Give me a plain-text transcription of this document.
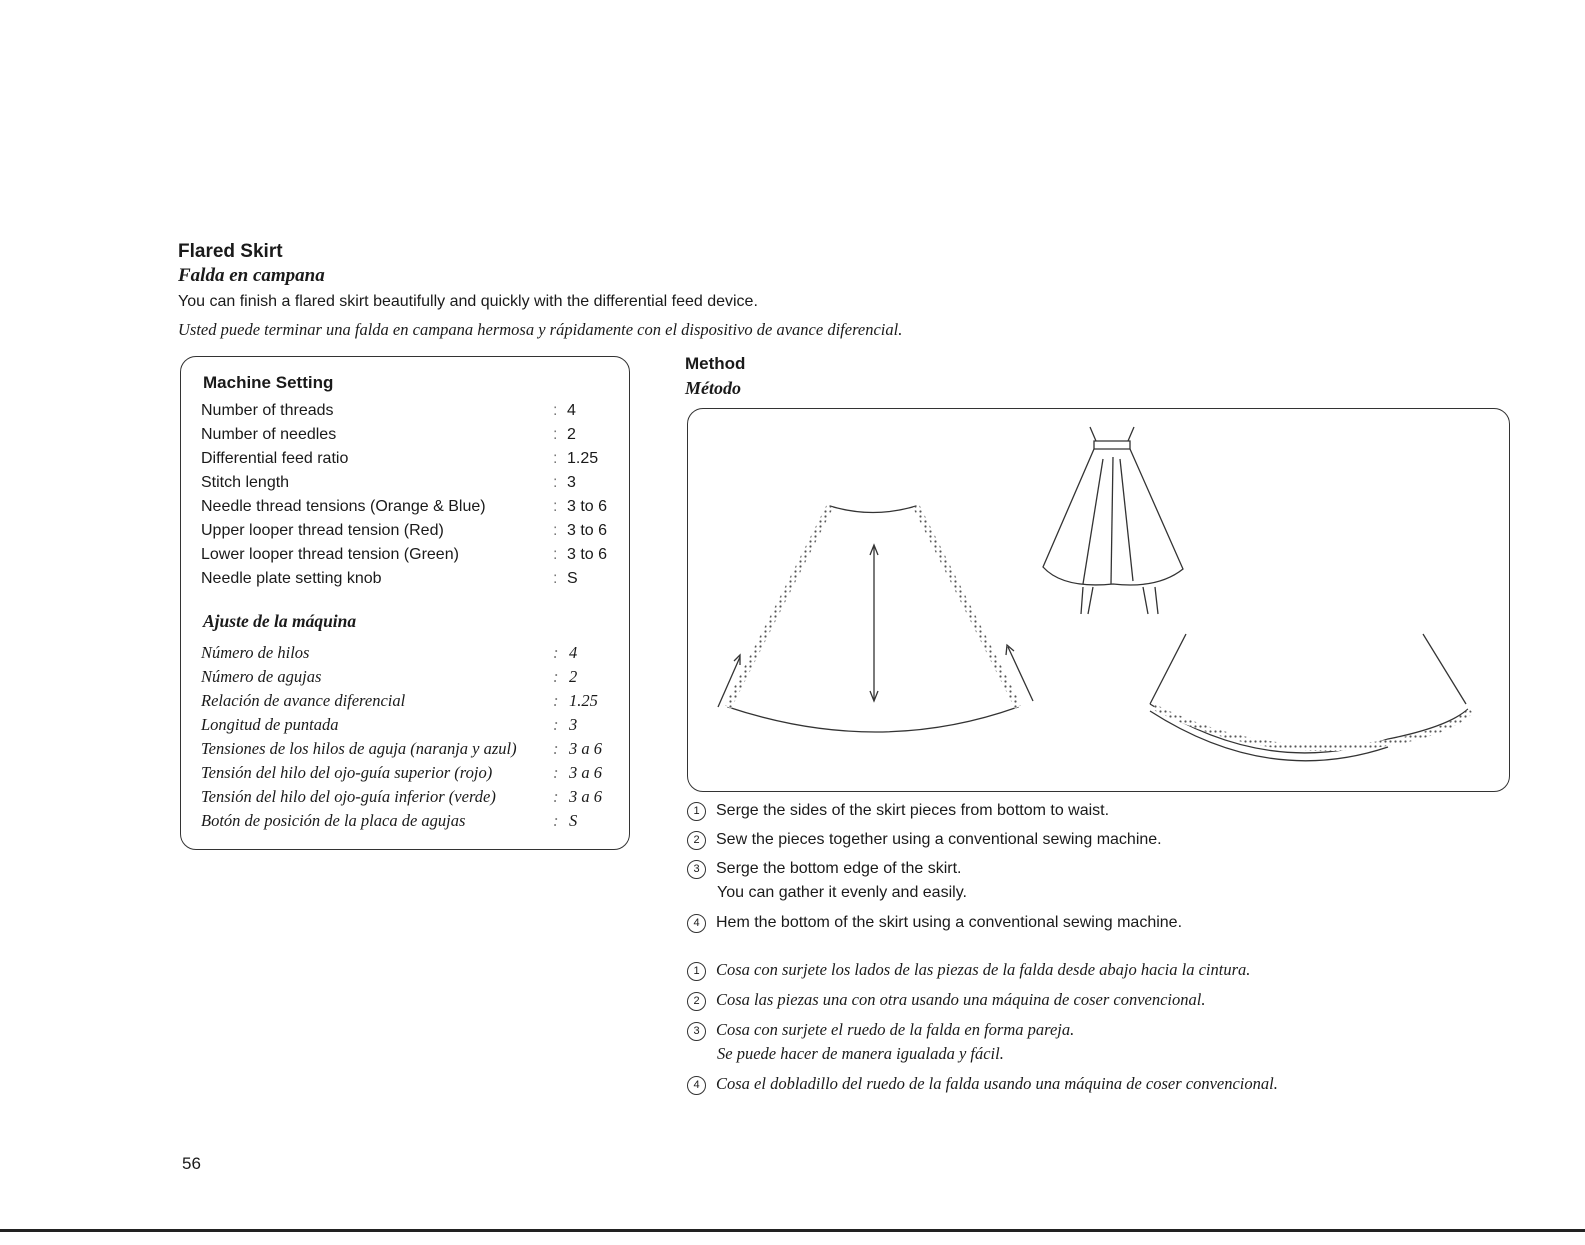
Flared Skirt
Falda en campana
You can finish a flared skirt beautifully and quickly with the differential feed device.
Usted puede terminar una falda en campana hermosa y rápidamente con el dispositivo de avance diferencial.
Machine Setting
Number of threads	: 4
Number of needles	: 2
Differential feed ratio	: 1.25
Stitch length	: 3
Needle thread tensions (Orange & Blue)	: 3 to 6
Upper looper thread tension (Red)	: 3 to 6
Lower looper thread tension (Green)	: 3 to 6
Needle plate setting knob	: S
Ajuste de la máquina
Número de hilos	: 4
Número de agujas	: 2
Relación de avance diferencial	: 1.25
Longitud de puntada	: 3
Tensiones de los hilos de aguja (naranja y azul) : 3 a 6
Tensión del hilo del ojo-guía superior (rojo)	: 3 a 6
Tensión del hilo del ojo-guía inferior (verde)	: 3 a 6
Botón de posición de la placa de agujas	: S
Method
Método
1 Serge the sides of the skirt pieces from bottom to waist.
2 Sew the pieces together using a conventional sewing machine.
3 Serge the bottom edge of the skirt.
You can gather it evenly and easily.
4 Hem the bottom of the skirt using a conventional sewing machine.
1 Cosa con surjete los lados de las piezas de la falda desde abajo hacia la cintura.
2 Cosa las piezas una con otra usando una máquina de coser convencional.
3 Cosa con surjete el ruedo de la falda en forma pareja.
Se puede hacer de manera igualada y fácil.
4 Cosa el dobladillo del ruedo de la falda usando una máquina de coser convencional.
56
